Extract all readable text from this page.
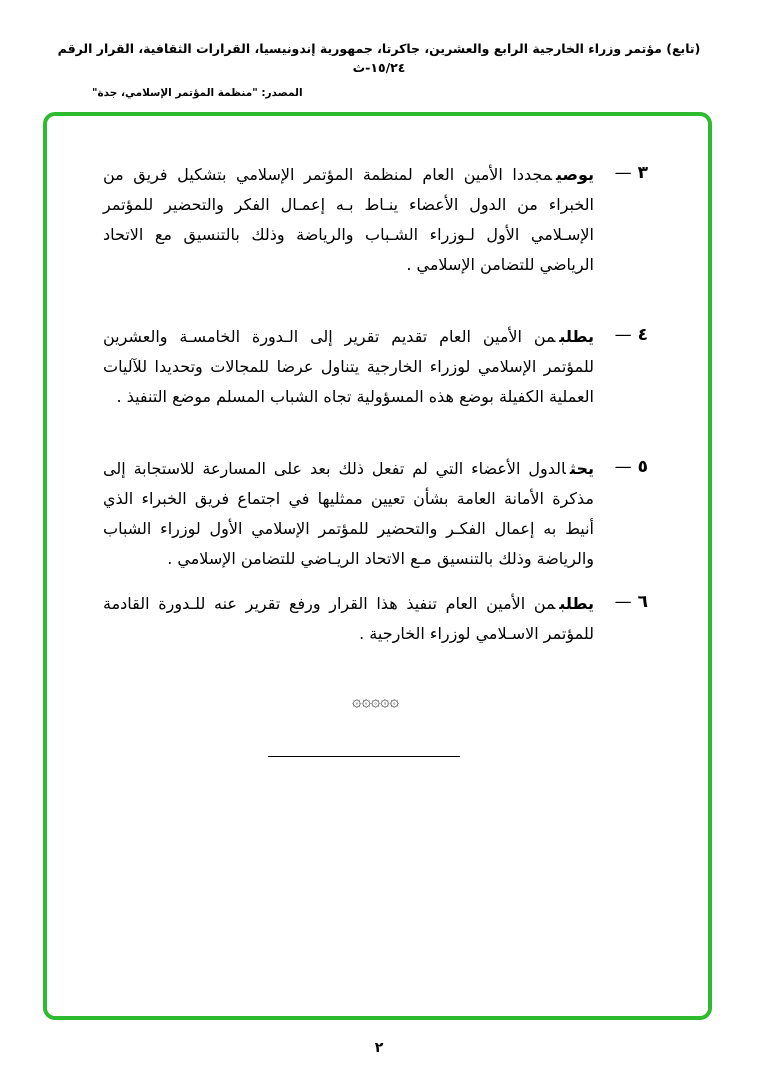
(تابع) مؤتمر وزراء الخارجية الرابع والعشرين، جاكرتا، جمهورية إندونيسيا، القرارات الثقافية، القرار الرقم ١٥/٢٤-ث
المصدر: "منظمة المؤتمر الإسلامي، جدة"
٣—
يوصيمجددا الأمين العام لمنظمة المؤتمر الإسلامي بتشكيل فريق من الخبراء من الدول الأعضاء ينـاط بـه إعمـال الفكر والتحضير للمؤتمر الإسـلامي الأول لـوزراء الشـباب والرياضة وذلك بالتنسيق مع الاتحاد الرياضي للتضامن الإسلامي .
٤—
يطلبمن الأمين العام تقديم تقرير إلى الـدورة الخامسـة والعشرين للمؤتمر الإسلامي لوزراء الخارجية يتناول عرضا للمجالات وتحديدا للآليات العملية الكفيلة بوضع هذه المسؤولية تجاه الشباب المسلم موضع التنفيذ .
٥—
يحثالدول الأعضاء التي لم تفعل ذلك بعد على المسارعة للاستجابة إلى مذكرة الأمانة العامة بشأن تعيين ممثليها في اجتماع فريق الخبراء الذي أنيط به إعمال الفكـر والتحضير للمؤتمر الإسلامي الأول لوزراء الشباب والرياضة وذلك بالتنسيق مـع الاتحاد الريـاضي للتضامن الإسلامي .
٦—
يطلبمن الأمين العام تنفيذ هذا القرار ورفع تقرير عنه للـدورة القادمة للمؤتمر الاسـلامي لوزراء الخارجية .
۞۞۞۞۞
٢
